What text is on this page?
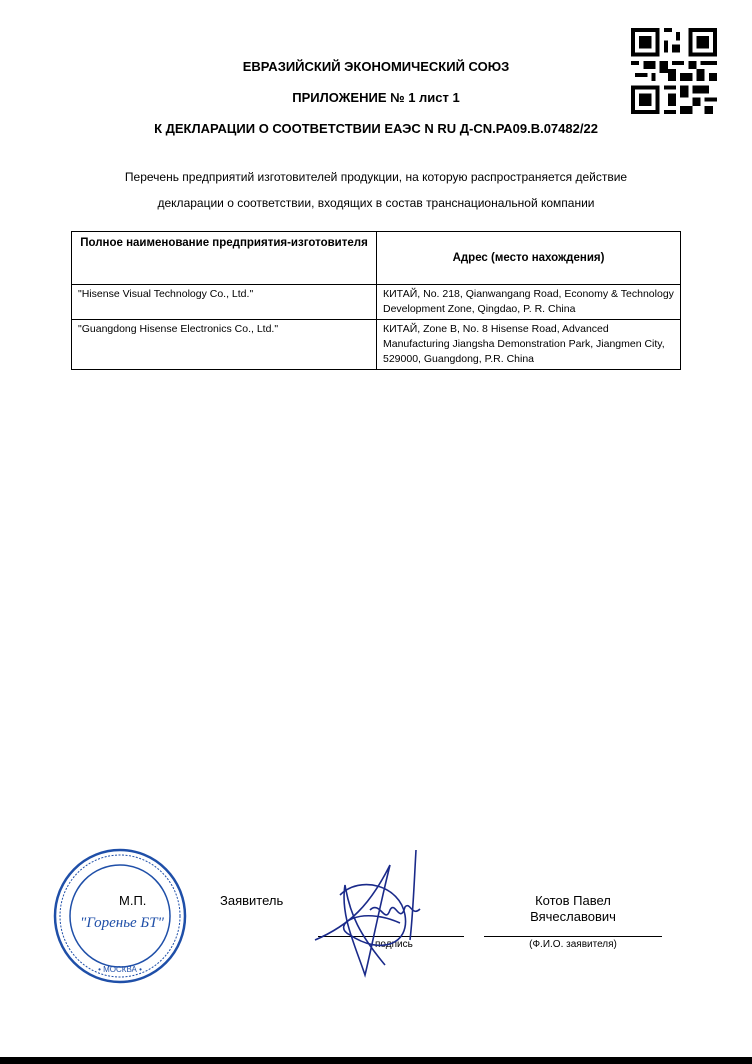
ЕВРАЗИЙСКИЙ ЭКОНОМИЧЕСКИЙ СОЮЗ
ПРИЛОЖЕНИЕ № 1 лист 1
К ДЕКЛАРАЦИИ О СООТВЕТСТВИИ ЕАЭС N RU Д-CN.РА09.В.07482/22
Перечень предприятий изготовителей продукции, на которую распространяется действие
декларации о соответствии, входящих в состав транснациональной компании
Полное наименование предприятия-изготовителя	Адрес (место нахождения)
"Hisense Visual Technology Co., Ltd."	КИТАЙ, No. 218, Qianwangang Road, Economy & Technology Development Zone, Qingdao, P. R. China
"Guangdong Hisense Electronics Co., Ltd."	КИТАЙ, Zone B, No. 8 Hisense Road, Advanced Manufacturing Jiangsha Demonstration Park, Jiangmen City, 529000, Guangdong, P.R. China
• МОСКВА •
"Горенье БТ"
М.П.	Заявитель
подпись
Котов Павел
Вячеславович
(Ф.И.О. заявителя)
